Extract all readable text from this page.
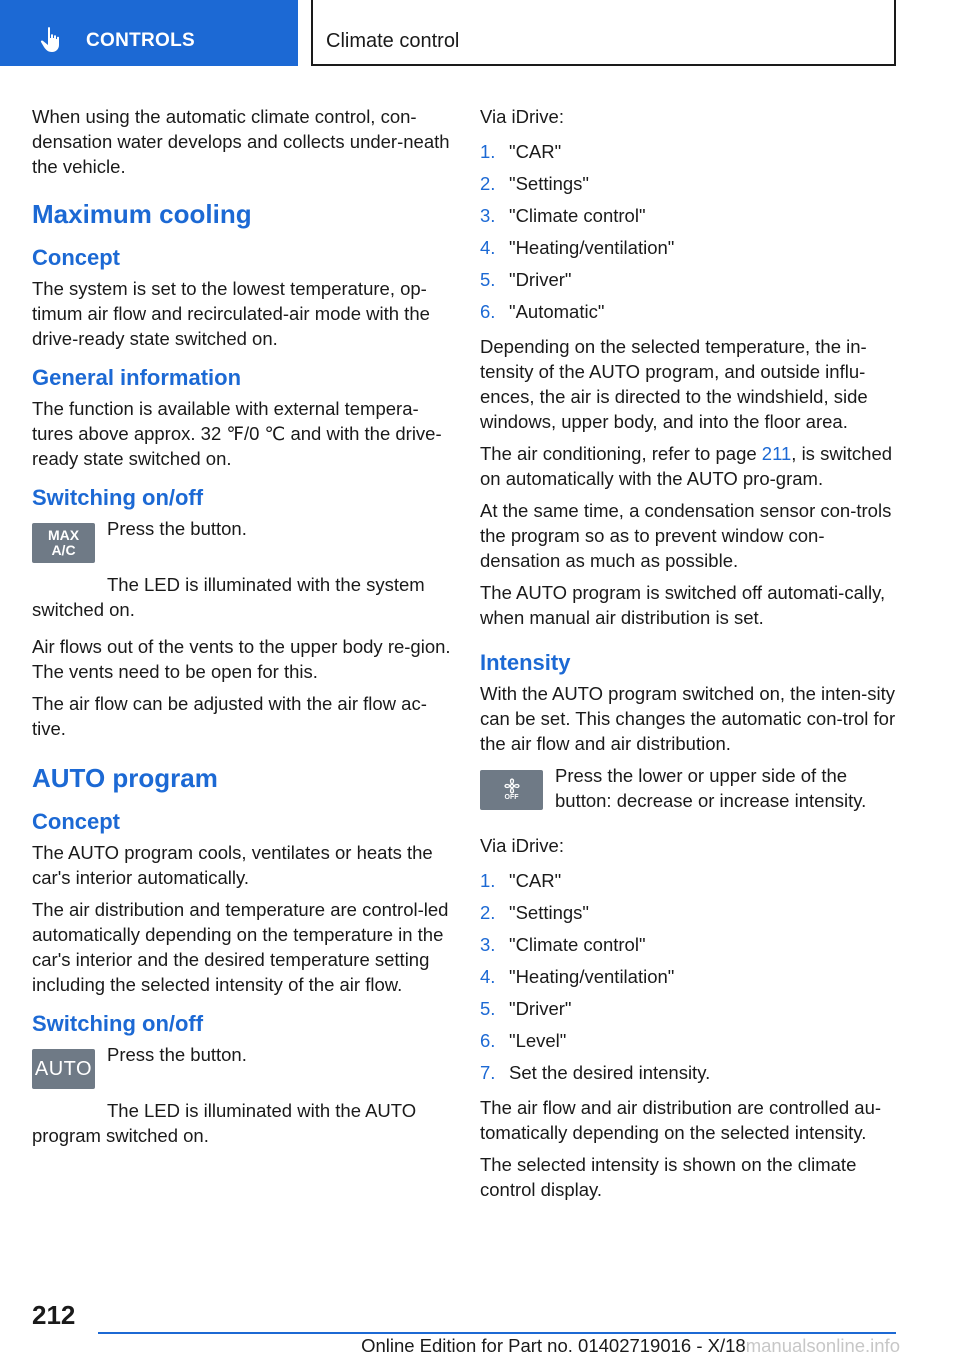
CONTROLS	Climate control

When using the automatic climate control, con-densation water develops and collects under-neath the vehicle.

Maximum cooling
Concept

The system is set to the lowest temperature, op-timum air flow and recirculated-air mode with the drive-ready state switched on.

General information

The function is available with external tempera-tures above approx. 32 ℉/0 ℃ and with the drive-ready state switched on.

Switching on/off
MAX
A/C

Press the button.

The LED is illuminated with the system switched on.

Air flows out of the vents to the upper body re-gion. The vents need to be open for this.

The air flow can be adjusted with the air flow ac-tive.

AUTO program
Concept

The AUTO program cools, ventilates or heats the car's interior automatically.

The air distribution and temperature are control-led automatically depending on the temperature in the car's interior and the desired temperature setting including the selected intensity of the air flow.

Switching on/off
AUTO

Press the button.

The LED is illuminated with the AUTO program switched on.

Via iDrive:

1. "CAR"
2. "Settings"
3. "Climate control"
4. "Heating/ventilation"
5. "Driver"
6. "Automatic"

Depending on the selected temperature, the in-tensity of the AUTO program, and outside influ-ences, the air is directed to the windshield, side windows, upper body, and into the floor area.

The air conditioning, refer to page 211, is switched on automatically with the AUTO pro-gram.

At the same time, a condensation sensor con-trols the program so as to prevent window con-densation as much as possible.

The AUTO program is switched off automati-cally, when manual air distribution is set.

Intensity

With the AUTO program switched on, the inten-sity can be set. This changes the automatic con-trol for the air flow and air distribution.

OFF

Press the lower or upper side of the button: decrease or increase intensity.

Via iDrive:

1. "CAR"
2. "Settings"
3. "Climate control"
4. "Heating/ventilation"
5. "Driver"
6. "Level"
7. Set the desired intensity.

The air flow and air distribution are controlled au-tomatically depending on the selected intensity.

The selected intensity is shown on the climate control display.

212
Online Edition for Part no. 01402719016 - X/18manualsonline.info
